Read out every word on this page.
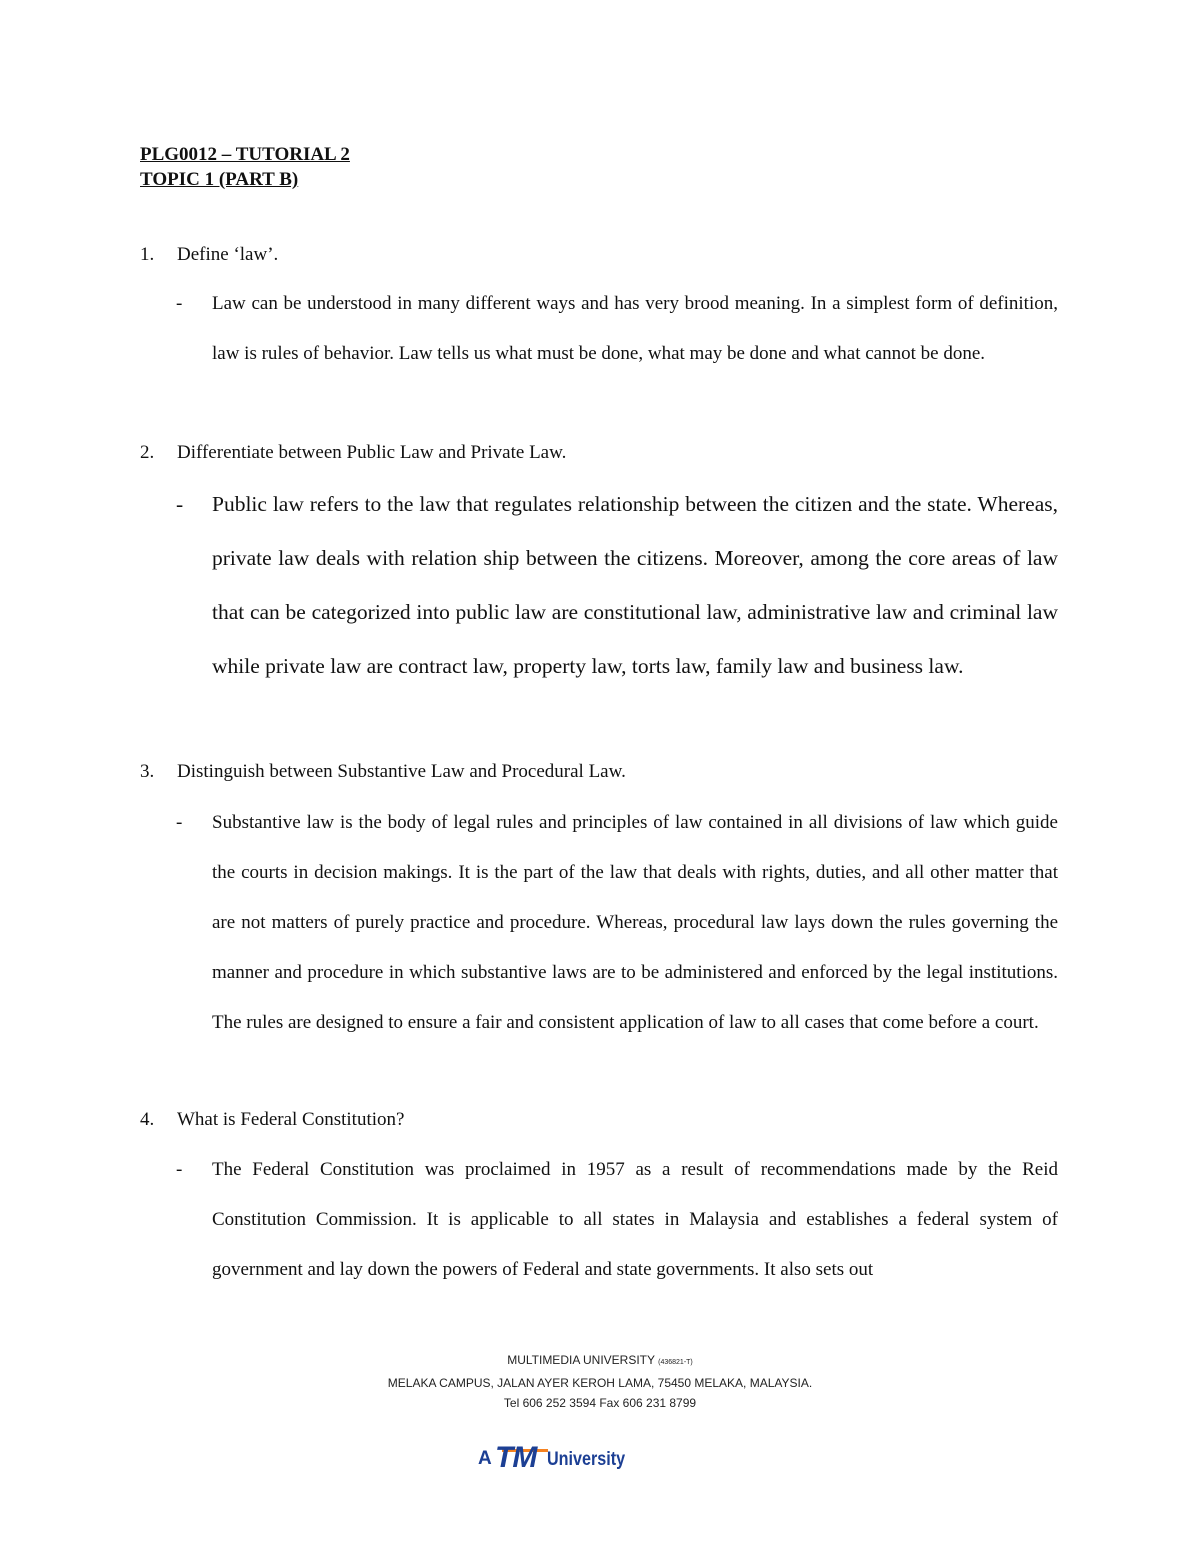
PLG0012 – TUTORIAL 2
TOPIC 1 (PART B)
1. Define ‘law’.
- Law can be understood in many different ways and has very brood meaning. In a simplest form of definition, law is rules of behavior. Law tells us what must be done, what may be done and what cannot be done.
2. Differentiate between Public Law and Private Law.
- Public law refers to the law that regulates relationship between the citizen and the state. Whereas, private law deals with relation ship between the citizens. Moreover, among the core areas of law that can be categorized into public law are constitutional law, administrative law and criminal law while private law are contract law, property law, torts law, family law and business law.
3. Distinguish between Substantive Law and Procedural Law.
- Substantive law is the body of legal rules and principles of law contained in all divisions of law which guide the courts in decision makings. It is the part of the law that deals with rights, duties, and all other matter that are not matters of purely practice and procedure. Whereas, procedural law lays down the rules governing the manner and procedure in which substantive laws are to be administered and enforced by the legal institutions. The rules are designed to ensure a fair and consistent application of law to all cases that come before a court.
4. What is Federal Constitution?
- The Federal Constitution was proclaimed in 1957 as a result of recommendations made by the Reid Constitution Commission. It is applicable to all states in Malaysia and establishes a federal system of government and lay down the powers of Federal and state governments. It also sets out
MULTIMEDIA UNIVERSITY (436821-T)
MELAKA CAMPUS, JALAN AYER KEROH LAMA, 75450 MELAKA, MALAYSIA.
Tel 606 252 3594 Fax 606 231 8799
A TM University
